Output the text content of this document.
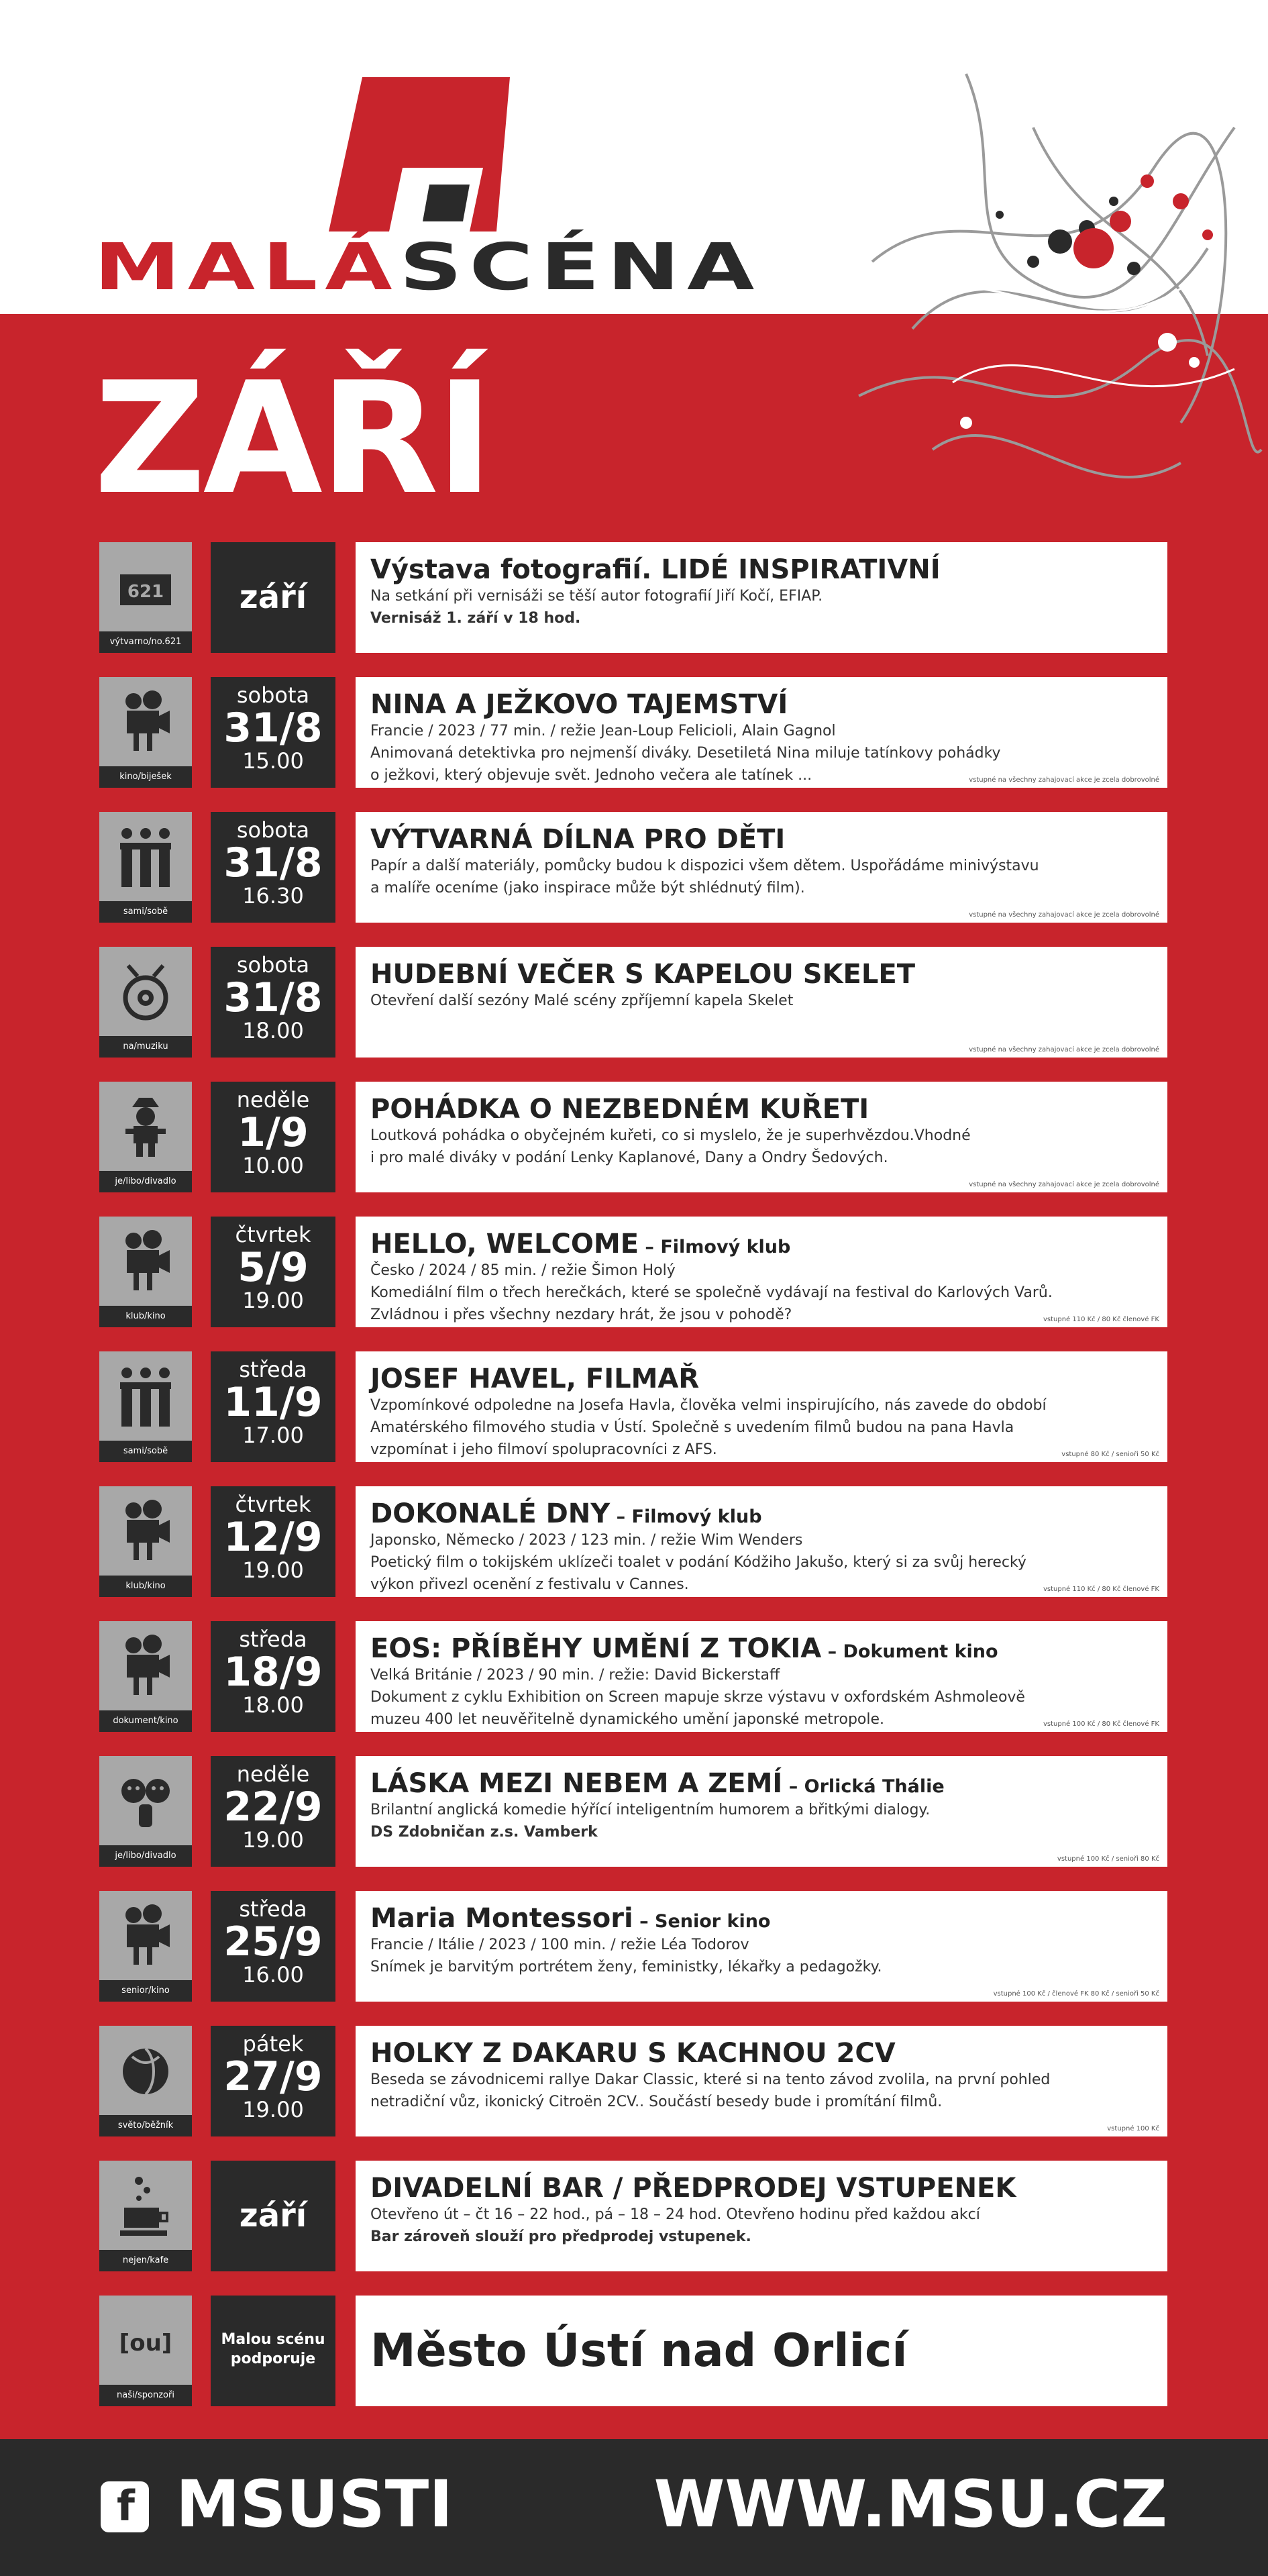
MALÁSCÉNA
ZÁŘÍ
621
výtvarno/no.621
září
Výstava fotografií. LIDÉ INSPIRATIVNÍ
Na setkání při vernisáži se těší autor fotografií Jiří Kočí, EFIAP.
Vernisáž 1. září v 18 hod.
kino/biješek
sobota
31/8
15.00
NINA A JEŽKOVO TAJEMSTVÍ
Francie / 2023 / 77 min. / režie Jean-Loup Felicioli, Alain Gagnol
Animovaná detektivka pro nejmenší diváky. Desetiletá Nina miluje tatínkovy pohádky
o ježkovi, který objevuje svět. Jednoho večera ale tatínek ...	vstupné na všechny zahajovací akce je zcela dobrovolné
sami/sobě
sobota
31/8
16.30
VÝTVARNÁ DÍLNA PRO DĚTI
Papír a další materiály, pomůcky budou k dispozici všem dětem. Uspořádáme minivýstavu
a malíře oceníme (jako inspirace může být shlédnutý film).
vstupné na všechny zahajovací akce je zcela dobrovolné
na/muziku
sobota
31/8
18.00
HUDEBNÍ VEČER S KAPELOU SKELET
Otevření další sezóny Malé scény zpříjemní kapela Skelet
vstupné na všechny zahajovací akce je zcela dobrovolné
je/libo/divadlo
neděle
1/9
10.00
POHÁDKA O NEZBEDNÉM KUŘETI
Loutková pohádka o obyčejném kuřeti, co si myslelo, že je superhvězdou.Vhodné
i pro malé diváky v podání Lenky Kaplanové, Dany a Ondry Šedových.
vstupné na všechny zahajovací akce je zcela dobrovolné
klub/kino
čtvrtek
5/9
19.00
HELLO, WELCOME – Filmový klub
Česko / 2024 / 85 min. / režie Šimon Holý
Komediální film o třech herečkách, které se společně vydávají na festival do Karlových Varů.
Zvládnou i přes všechny nezdary hrát, že jsou v pohodě?	vstupné 110 Kč / 80 Kč členové FK
sami/sobě
středa
11/9
17.00
JOSEF HAVEL, FILMAŘ
Vzpomínkové odpoledne na Josefa Havla, člověka velmi inspirujícího, nás zavede do období
Amatérského filmového studia v Ústí. Společně s uvedením filmů budou na pana Havla
vzpomínat i jeho filmoví spolupracovníci z AFS.	vstupné 80 Kč / senioři 50 Kč
klub/kino
čtvrtek
12/9
19.00
DOKONALÉ DNY – Filmový klub
Japonsko, Německo / 2023 / 123 min. / režie Wim Wenders
Poetický film o tokijském uklízeči toalet v podání Kódžiho Jakušo, který si za svůj herecký
výkon přivezl ocenění z festivalu v Cannes.	vstupné 110 Kč / 80 Kč členové FK
dokument/kino
středa
18/9
18.00
EOS: PŘÍBĚHY UMĚNÍ Z TOKIA – Dokument kino
Velká Británie / 2023 / 90 min. / režie: David Bickerstaff
Dokument z cyklu Exhibition on Screen mapuje skrze výstavu v oxfordském Ashmoleově
muzeu 400 let neuvěřitelně dynamického umění japonské metropole.	vstupné 100 Kč / 80 Kč členové FK
je/libo/divadlo
neděle
22/9
19.00
LÁSKA MEZI NEBEM A ZEMÍ – Orlická Thálie
Brilantní anglická komedie hýřící inteligentním humorem a břitkými dialogy.
DS Zdobničan z.s. Vamberk
vstupné 100 Kč / senioři 80 Kč
senior/kino
středa
25/9
16.00
Maria Montessori – Senior kino
Francie / Itálie / 2023 / 100 min. / režie Léa Todorov
Snímek je barvitým portrétem ženy, feministky, lékařky a pedagožky.
vstupné 100 Kč / členové FK 80 Kč / senioři 50 Kč
světo/běžník
pátek
27/9
19.00
HOLKY Z DAKARU S KACHNOU 2CV
Beseda se závodnicemi rallye Dakar Classic, které si na tento závod zvolila, na první pohled
netradiční vůz, ikonický Citroën 2CV.. Součástí besedy bude i promítání filmů.
vstupné 100 Kč
nejen/kafe
září
DIVADELNÍ BAR / PŘEDPRODEJ VSTUPENEK
Otevřeno út – čt 16 – 22 hod., pá – 18 – 24 hod. Otevřeno hodinu před každou akcí
Bar zároveň slouží pro předprodej vstupenek.
[ou]
naši/sponzoři
Malou scénu podporuje	Město Ústí nad Orlicí
f MSUSTI	WWW.MSU.CZ
